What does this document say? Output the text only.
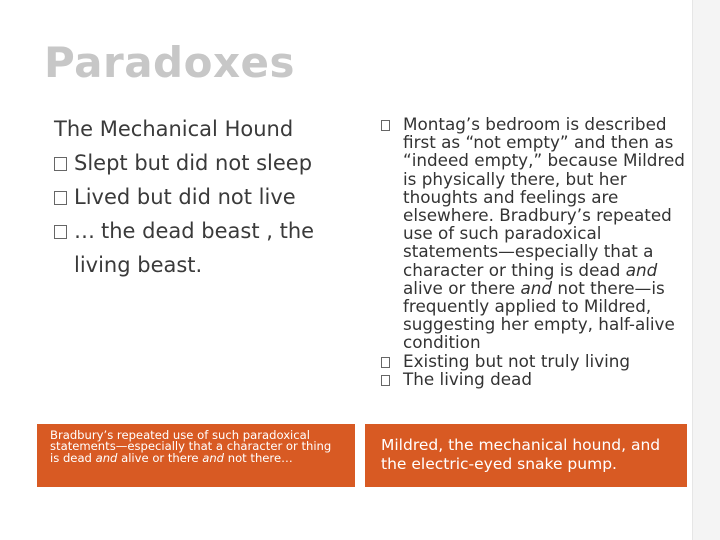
Paradoxes
The Mechanical Hound
Slept but did not sleep
Lived but did not live
… the dead beast , the living beast.
Montag’s bedroom is described first as “not empty” and then as “indeed empty,” because Mildred is physically there, but her thoughts and feelings are elsewhere. Bradbury’s repeated use of such paradoxical statements—especially that a character or thing is dead and alive or there and not there—is frequently applied to Mildred, suggesting her empty, half-alive condition
Existing but not truly living
The living dead
Bradbury’s repeated use of such paradoxical statements—especially that a character or thing is dead and alive or there and not there…
Mildred, the mechanical hound, and the electric-eyed snake pump.
